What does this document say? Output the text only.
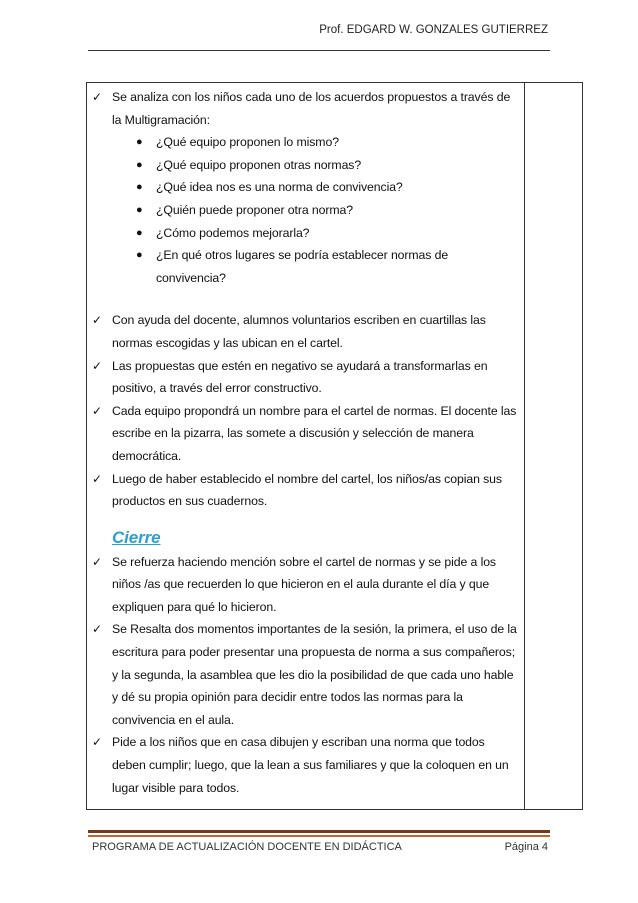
Prof. EDGARD W. GONZALES GUTIERREZ
✓ Se analiza con los niños cada uno de los acuerdos propuestos a través de la Multigramación:
●	¿Qué equipo proponen lo mismo?
●	¿Qué equipo proponen otras normas?
●	¿Qué idea nos es una norma de convivencia?
●	¿Quién puede proponer otra norma?
●	¿Cómo podemos mejorarla?
●	¿En qué otros lugares se podría establecer normas de convivencia?
✓ Con ayuda del docente, alumnos voluntarios escriben en cuartillas las normas escogidas y las ubican en el cartel.
✓ Las propuestas que estén en negativo se ayudará a transformarlas en positivo, a través del error constructivo.
✓ Cada equipo propondrá un nombre para el cartel de normas. El docente las escribe en la pizarra, las somete a discusión y selección de manera democrática.
✓ Luego de haber establecido el nombre del cartel, los niños/as copian sus productos en sus cuadernos.
Cierre
✓ Se refuerza haciendo mención sobre el cartel de normas y se pide a los niños /as que recuerden lo que hicieron en el aula durante el día y que expliquen para qué lo hicieron.
✓ Se Resalta dos momentos importantes de la sesión, la primera, el uso de la escritura para poder presentar una propuesta de norma a sus compañeros; y la segunda, la asamblea que les dio la posibilidad de que cada uno hable y dé su propia opinión para decidir entre todos las normas para la convivencia en el aula.
✓ Pide a los niños que en casa dibujen y escriban una norma que todos deben cumplir; luego, que la lean a sus familiares y que la coloquen en un lugar visible para todos.
PROGRAMA DE ACTUALIZACIÓN DOCENTE EN DIDÁCTICA	Página 4
